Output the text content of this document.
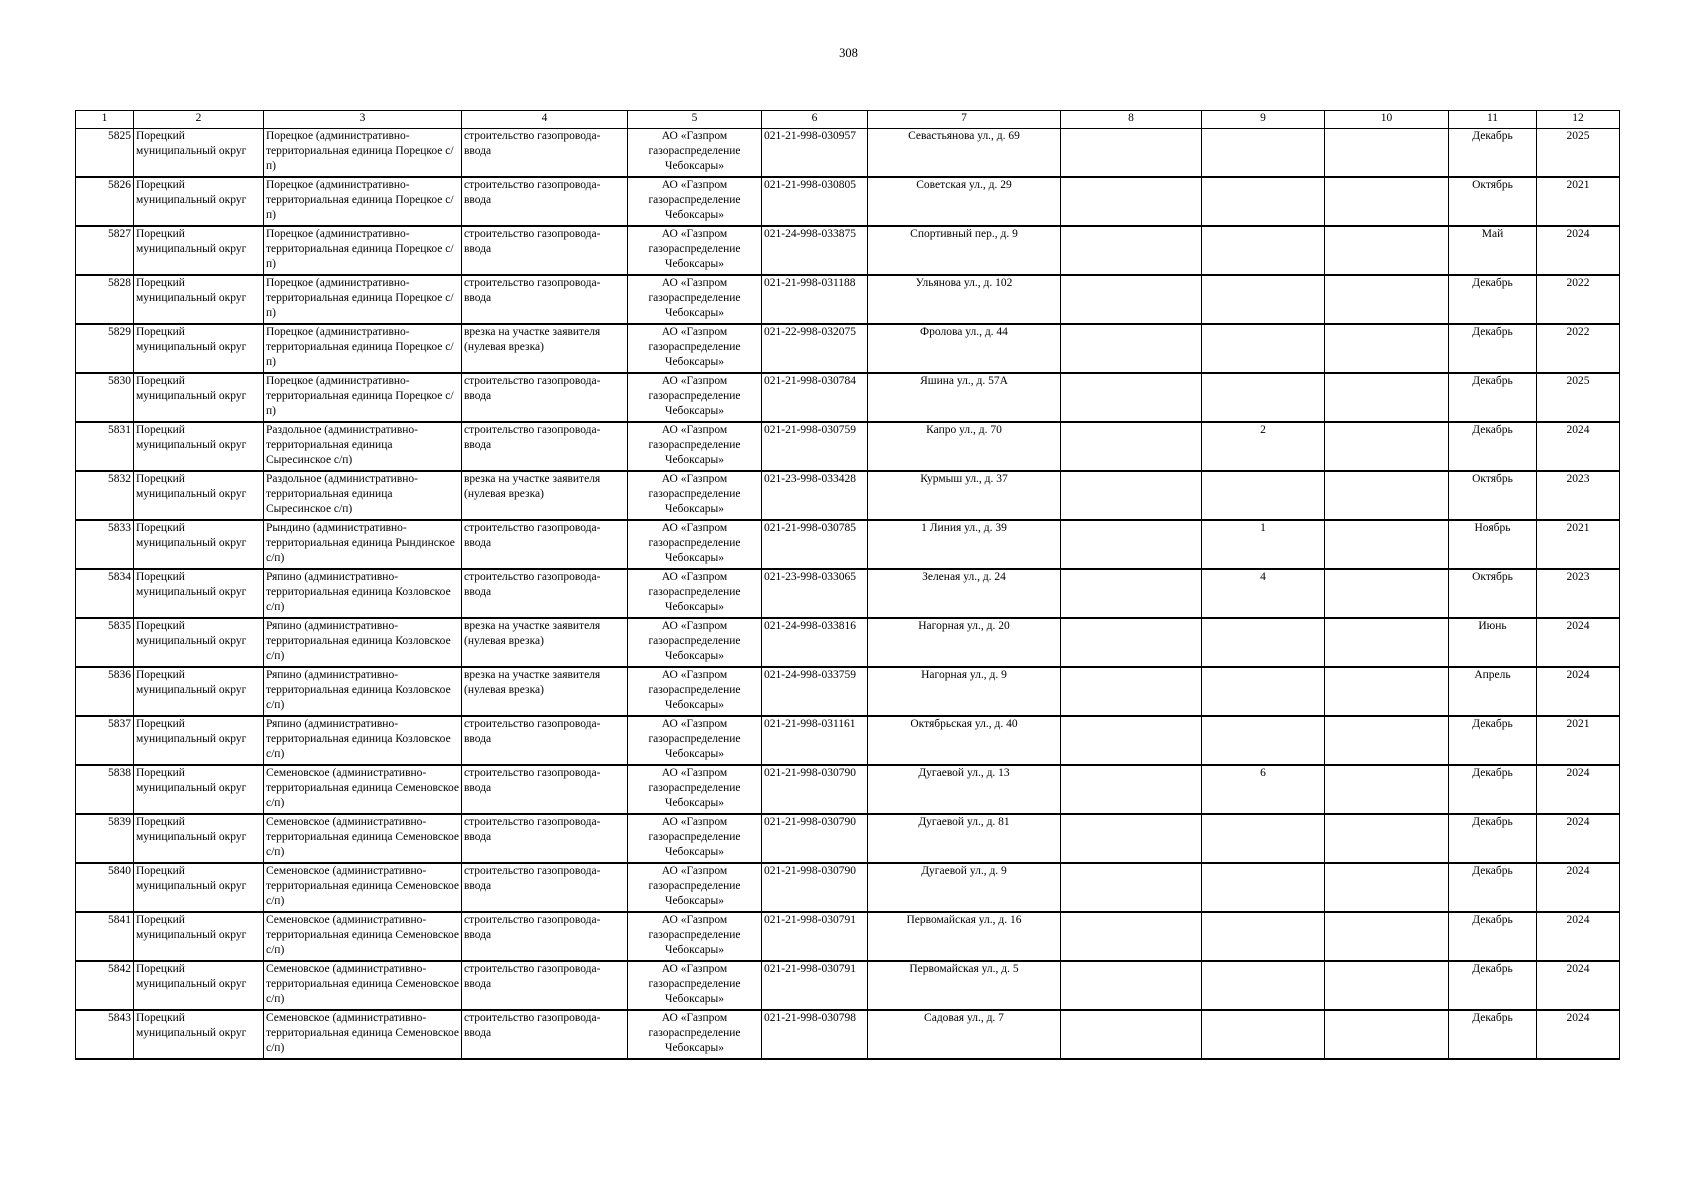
308
1	2	3	4	5	6	7	8	9	10	11	12
5825	Порецкий муниципальный округ	Порецкое (административно-территориальная единица Порецкое с/п)	строительство газопровода-ввода	АО «Газпром газораспределение Чебоксары»	021-21-998-030957	Севастьянова ул., д. 69				Декабрь	2025
5826	Порецкий муниципальный округ	Порецкое (административно-территориальная единица Порецкое с/п)	строительство газопровода-ввода	АО «Газпром газораспределение Чебоксары»	021-21-998-030805	Советская ул., д. 29				Октябрь	2021
5827	Порецкий муниципальный округ	Порецкое (административно-территориальная единица Порецкое с/п)	строительство газопровода-ввода	АО «Газпром газораспределение Чебоксары»	021-24-998-033875	Спортивный пер., д. 9				Май	2024
5828	Порецкий муниципальный округ	Порецкое (административно-территориальная единица Порецкое с/п)	строительство газопровода-ввода	АО «Газпром газораспределение Чебоксары»	021-21-998-031188	Ульянова ул., д. 102				Декабрь	2022
5829	Порецкий муниципальный округ	Порецкое (административно-территориальная единица Порецкое с/п)	врезка на участке заявителя (нулевая врезка)	АО «Газпром газораспределение Чебоксары»	021-22-998-032075	Фролова ул., д. 44				Декабрь	2022
5830	Порецкий муниципальный округ	Порецкое (административно-территориальная единица Порецкое с/п)	строительство газопровода-ввода	АО «Газпром газораспределение Чебоксары»	021-21-998-030784	Яшина ул., д. 57А				Декабрь	2025
5831	Порецкий муниципальный округ	Раздольное (административно-территориальная единица Сыресинское с/п)	строительство газопровода-ввода	АО «Газпром газораспределение Чебоксары»	021-21-998-030759	Капро ул., д. 70		2		Декабрь	2024
5832	Порецкий муниципальный округ	Раздольное (административно-территориальная единица Сыресинское с/п)	врезка на участке заявителя (нулевая врезка)	АО «Газпром газораспределение Чебоксары»	021-23-998-033428	Курмыш ул., д. 37				Октябрь	2023
5833	Порецкий муниципальный округ	Рындино (административно-территориальная единица Рындинское с/п)	строительство газопровода-ввода	АО «Газпром газораспределение Чебоксары»	021-21-998-030785	1 Линия ул., д. 39		1		Ноябрь	2021
5834	Порецкий муниципальный округ	Ряпино (административно-территориальная единица Козловское с/п)	строительство газопровода-ввода	АО «Газпром газораспределение Чебоксары»	021-23-998-033065	Зеленая ул., д. 24		4		Октябрь	2023
5835	Порецкий муниципальный округ	Ряпино (административно-территориальная единица Козловское с/п)	врезка на участке заявителя (нулевая врезка)	АО «Газпром газораспределение Чебоксары»	021-24-998-033816	Нагорная ул., д. 20				Июнь	2024
5836	Порецкий муниципальный округ	Ряпино (административно-территориальная единица Козловское с/п)	врезка на участке заявителя (нулевая врезка)	АО «Газпром газораспределение Чебоксары»	021-24-998-033759	Нагорная ул., д. 9				Апрель	2024
5837	Порецкий муниципальный округ	Ряпино (административно-территориальная единица Козловское с/п)	строительство газопровода-ввода	АО «Газпром газораспределение Чебоксары»	021-21-998-031161	Октябрьская ул., д. 40				Декабрь	2021
5838	Порецкий муниципальный округ	Семеновское (административно-территориальная единица Семеновское с/п)	строительство газопровода-ввода	АО «Газпром газораспределение Чебоксары»	021-21-998-030790	Дугаевой ул., д. 13		6		Декабрь	2024
5839	Порецкий муниципальный округ	Семеновское (административно-территориальная единица Семеновское с/п)	строительство газопровода-ввода	АО «Газпром газораспределение Чебоксары»	021-21-998-030790	Дугаевой ул., д. 81				Декабрь	2024
5840	Порецкий муниципальный округ	Семеновское (административно-территориальная единица Семеновское с/п)	строительство газопровода-ввода	АО «Газпром газораспределение Чебоксары»	021-21-998-030790	Дугаевой ул., д. 9				Декабрь	2024
5841	Порецкий муниципальный округ	Семеновское (административно-территориальная единица Семеновское с/п)	строительство газопровода-ввода	АО «Газпром газораспределение Чебоксары»	021-21-998-030791	Первомайская ул., д. 16				Декабрь	2024
5842	Порецкий муниципальный округ	Семеновское (административно-территориальная единица Семеновское с/п)	строительство газопровода-ввода	АО «Газпром газораспределение Чебоксары»	021-21-998-030791	Первомайская ул., д. 5				Декабрь	2024
5843	Порецкий муниципальный округ	Семеновское (административно-территориальная единица Семеновское с/п)	строительство газопровода-ввода	АО «Газпром газораспределение Чебоксары»	021-21-998-030798	Садовая ул., д. 7				Декабрь	2024
